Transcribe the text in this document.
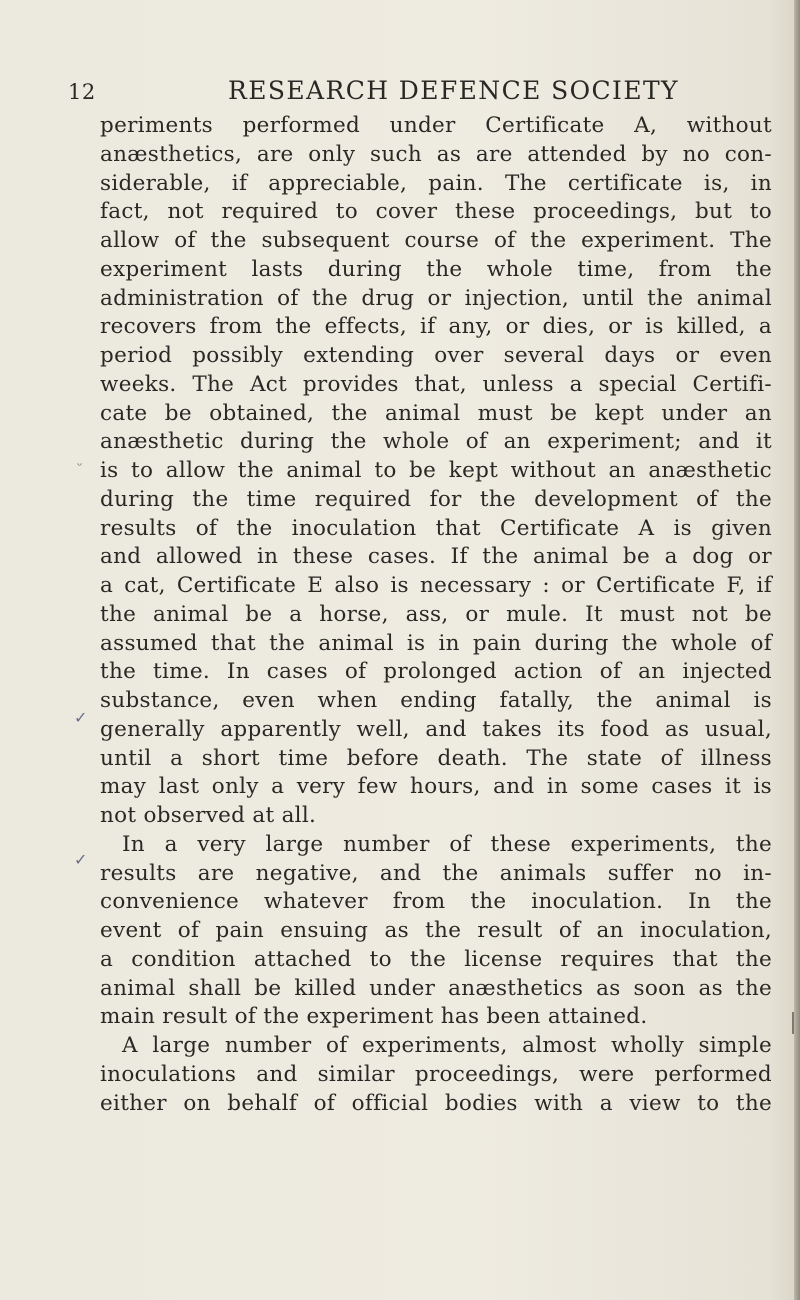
12	RESEARCH DEFENCE SOCIETY
ᵕ
✓
✓
periments performed under Certificate A, without
anæsthetics, are only such as are attended by no con-
siderable, if appreciable, pain. The certificate is, in
fact, not required to cover these proceedings, but to
allow of the subsequent course of the experiment. The
experiment lasts during the whole time, from the
administration of the drug or injection, until the animal
recovers from the effects, if any, or dies, or is killed, a
period possibly extending over several days or even
weeks. The Act provides that, unless a special Certifi-
cate be obtained, the animal must be kept under an
anæsthetic during the whole of an experiment; and it
is to allow the animal to be kept without an anæsthetic
during the time required for the development of the
results of the inoculation that Certificate A is given
and allowed in these cases. If the animal be a dog or
a cat, Certificate E also is necessary : or Certificate F, if
the animal be a horse, ass, or mule. It must not be
assumed that the animal is in pain during the whole of
the time. In cases of prolonged action of an injected
substance, even when ending fatally, the animal is
generally apparently well, and takes its food as usual,
until a short time before death. The state of illness
may last only a very few hours, and in some cases it is
not observed at all.
In a very large number of these experiments, the
results are negative, and the animals suffer no in-
convenience whatever from the inoculation. In the
event of pain ensuing as the result of an inoculation,
a condition attached to the license requires that the
animal shall be killed under anæsthetics as soon as the
main result of the experiment has been attained.
A large number of experiments, almost wholly simple
inoculations and similar proceedings, were performed
either on behalf of official bodies with a view to the
